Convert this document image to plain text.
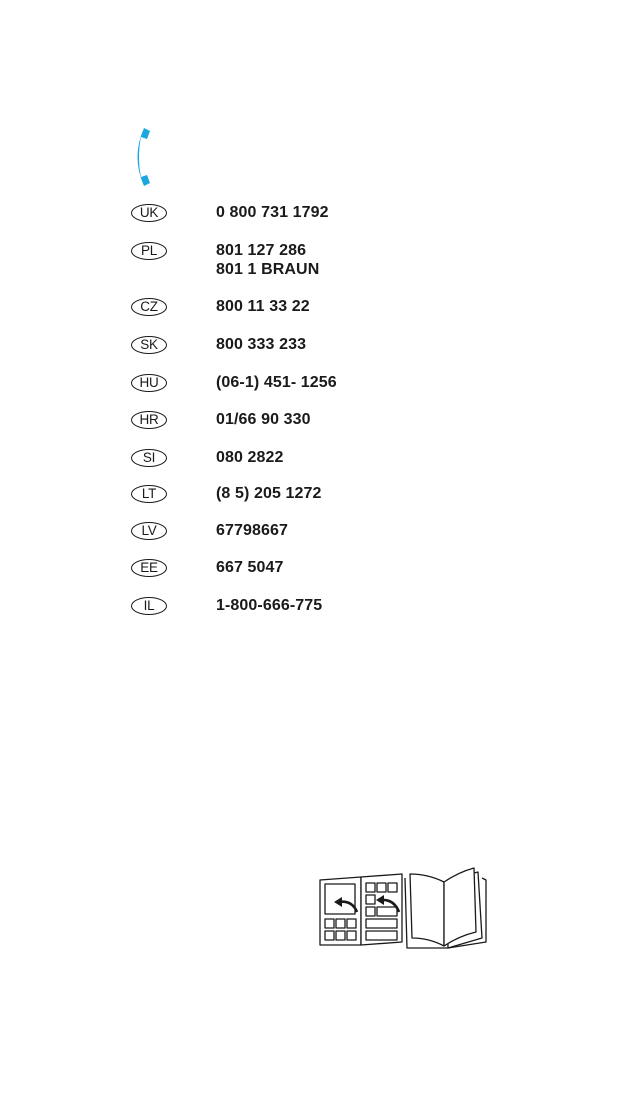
UK	0 800 731 1792
PL	801 127 286
801 1 BRAUN
CZ	800 11 33 22
SK	800 333 233
HU	(06-1) 451- 1256
HR	01/66 90 330
SI	080 2822
LT	(8 5) 205 1272
LV	67798667
EE	667 5047
IL	1-800-666-775
